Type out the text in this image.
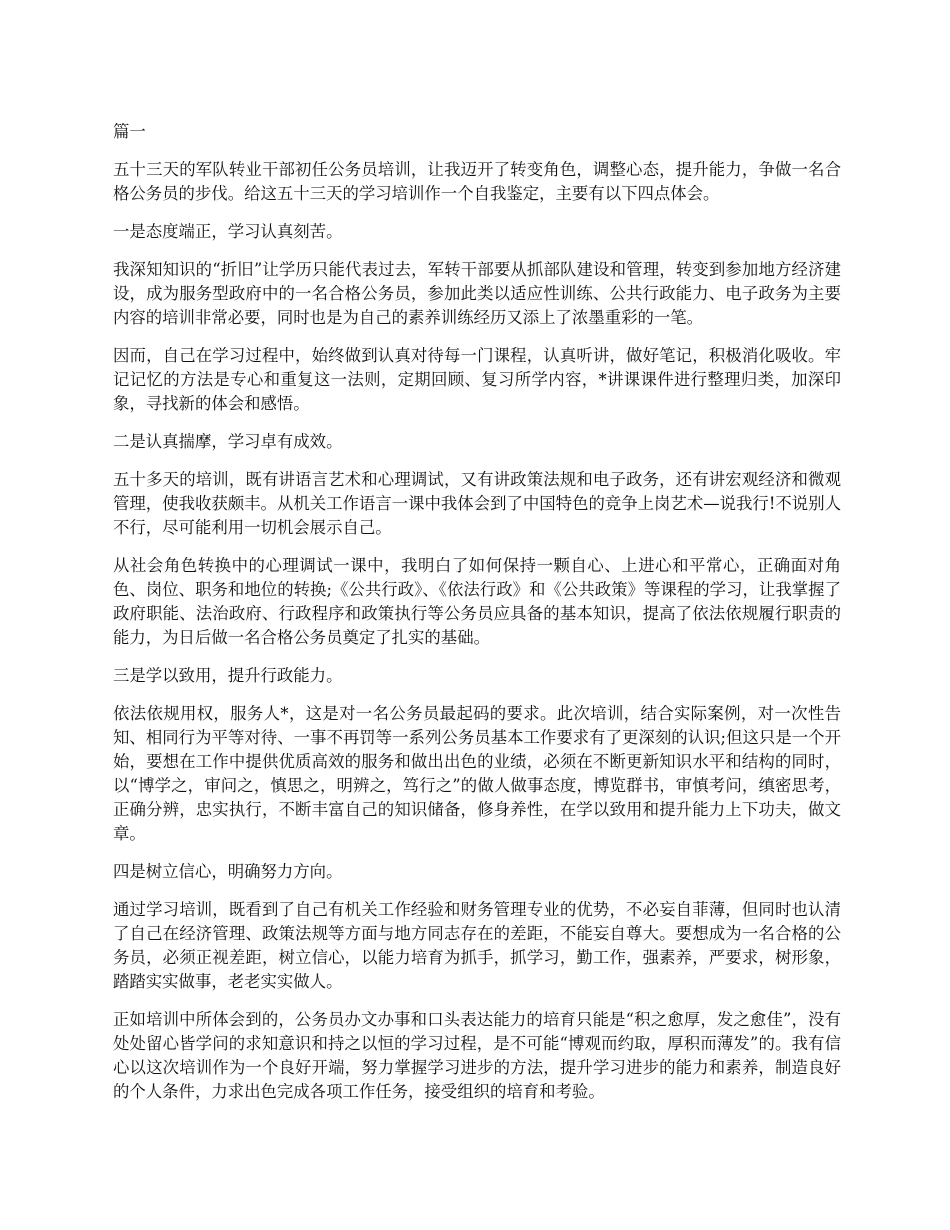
篇一

五十三天的军队转业干部初任公务员培训，让我迈开了转变角色，调整心态，提升能力，争做一名合格公务员的步伐。给这五十三天的学习培训作一个自我鉴定，主要有以下四点体会。

一是态度端正，学习认真刻苦。

我深知知识的“折旧”让学历只能代表过去，军转干部要从抓部队建设和管理，转变到参加地方经济建设，成为服务型政府中的一名合格公务员，参加此类以适应性训练、公共行政能力、电子政务为主要内容的培训非常必要，同时也是为自己的素养训练经历又添上了浓墨重彩的一笔。

因而，自己在学习过程中，始终做到认真对待每一门课程，认真听讲，做好笔记，积极消化吸收。牢记记忆的方法是专心和重复这一法则，定期回顾、复习所学内容，*讲课课件进行整理归类，加深印象，寻找新的体会和感悟。

二是认真揣摩，学习卓有成效。

五十多天的培训，既有讲语言艺术和心理调试，又有讲政策法规和电子政务，还有讲宏观经济和微观管理，使我收获颇丰。从机关工作语言一课中我体会到了中国特色的竞争上岗艺术—说我行!不说别人不行，尽可能利用一切机会展示自己。

从社会角色转换中的心理调试一课中，我明白了如何保持一颗自心、上进心和平常心，正确面对角色、岗位、职务和地位的转换;《公共行政》、《依法行政》和《公共政策》等课程的学习，让我掌握了政府职能、法治政府、行政程序和政策执行等公务员应具备的基本知识，提高了依法依规履行职责的能力，为日后做一名合格公务员奠定了扎实的基础。

三是学以致用，提升行政能力。

依法依规用权，服务人*，这是对一名公务员最起码的要求。此次培训，结合实际案例，对一次性告知、相同行为平等对待、一事不再罚等一系列公务员基本工作要求有了更深刻的认识;但这只是一个开始，要想在工作中提供优质高效的服务和做出出色的业绩，必须在不断更新知识水平和结构的同时，以“博学之，审问之，慎思之，明辨之，笃行之”的做人做事态度，博览群书，审慎考问，缜密思考，正确分辨，忠实执行，不断丰富自己的知识储备，修身养性，在学以致用和提升能力上下功夫，做文章。

四是树立信心，明确努力方向。

通过学习培训，既看到了自己有机关工作经验和财务管理专业的优势，不必妄自菲薄，但同时也认清了自己在经济管理、政策法规等方面与地方同志存在的差距，不能妄自尊大。要想成为一名合格的公务员，必须正视差距，树立信心，以能力培育为抓手，抓学习，勤工作，强素养，严要求，树形象，踏踏实实做事，老老实实做人。

正如培训中所体会到的，公务员办文办事和口头表达能力的培育只能是“积之愈厚，发之愈佳”，没有处处留心皆学问的求知意识和持之以恒的学习过程，是不可能“博观而约取，厚积而薄发”的。我有信心以这次培训作为一个良好开端，努力掌握学习进步的方法，提升学习进步的能力和素养，制造良好的个人条件，力求出色完成各项工作任务，接受组织的培育和考验。
